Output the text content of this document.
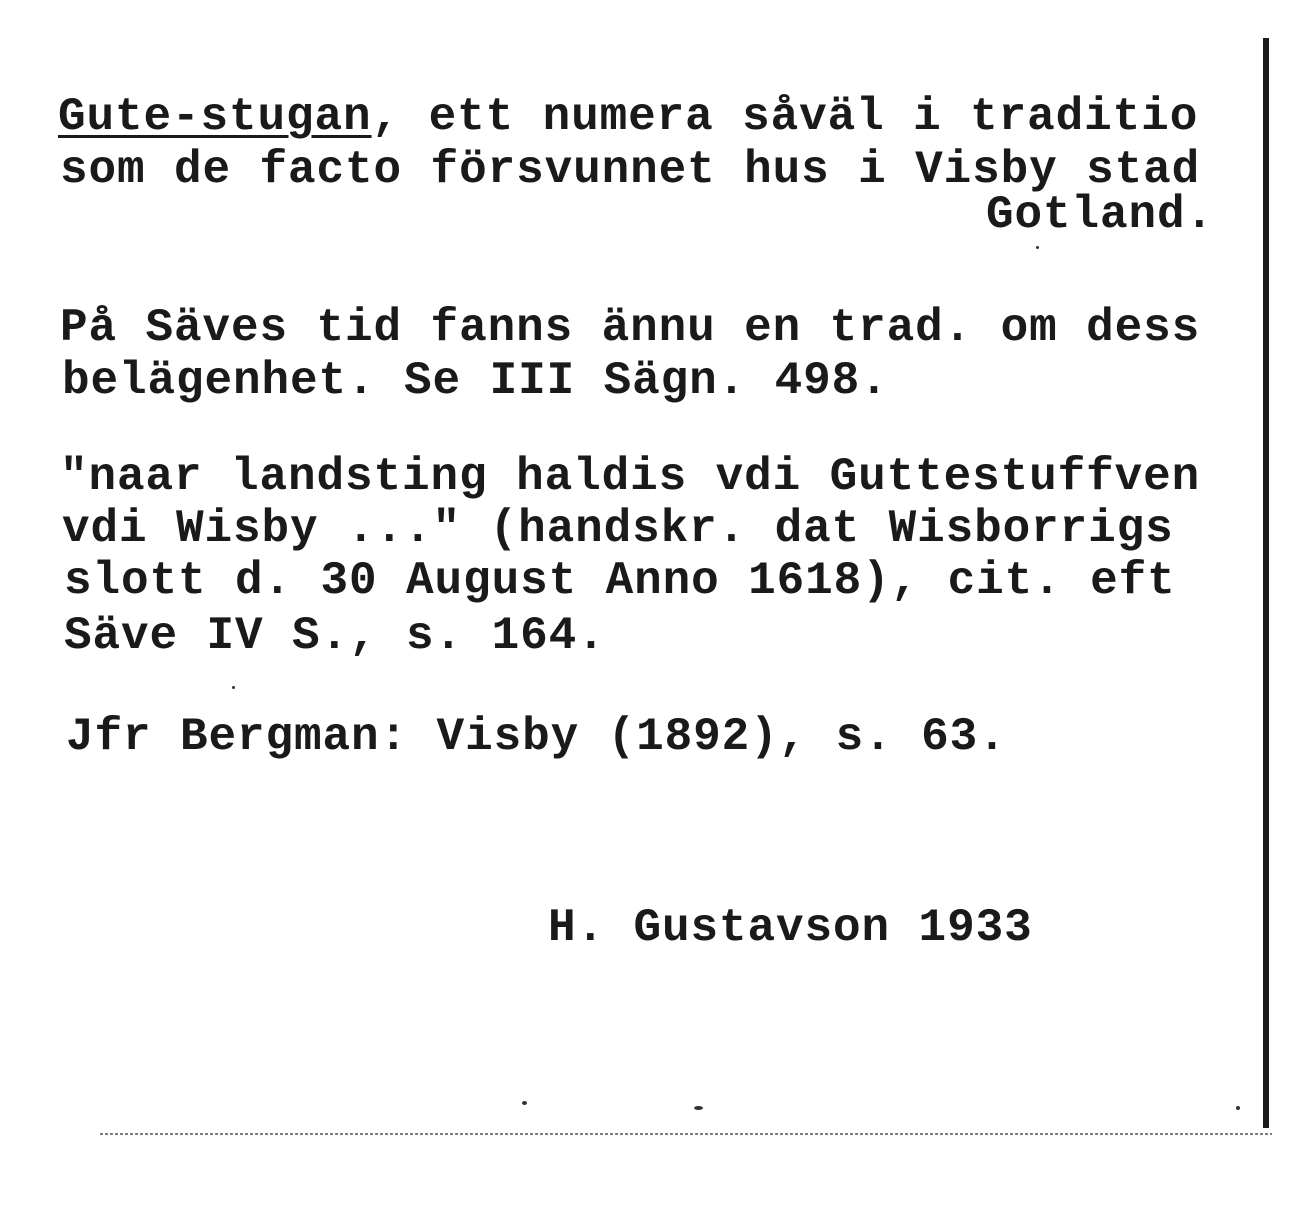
Gute-stugan, ett numera såväl i traditio

som de facto försvunnet hus i Visby stad

Gotland.

På Säves tid fanns ännu en trad. om dess

belägenhet. Se III Sägn. 498.

"naar landsting haldis vdi Guttestuffven

vdi Wisby ..." (handskr. dat Wisborrigs

slott d. 30 August Anno 1618), cit. eft

Säve IV S., s. 164.

Jfr Bergman: Visby (1892), s. 63.

H. Gustavson 1933
